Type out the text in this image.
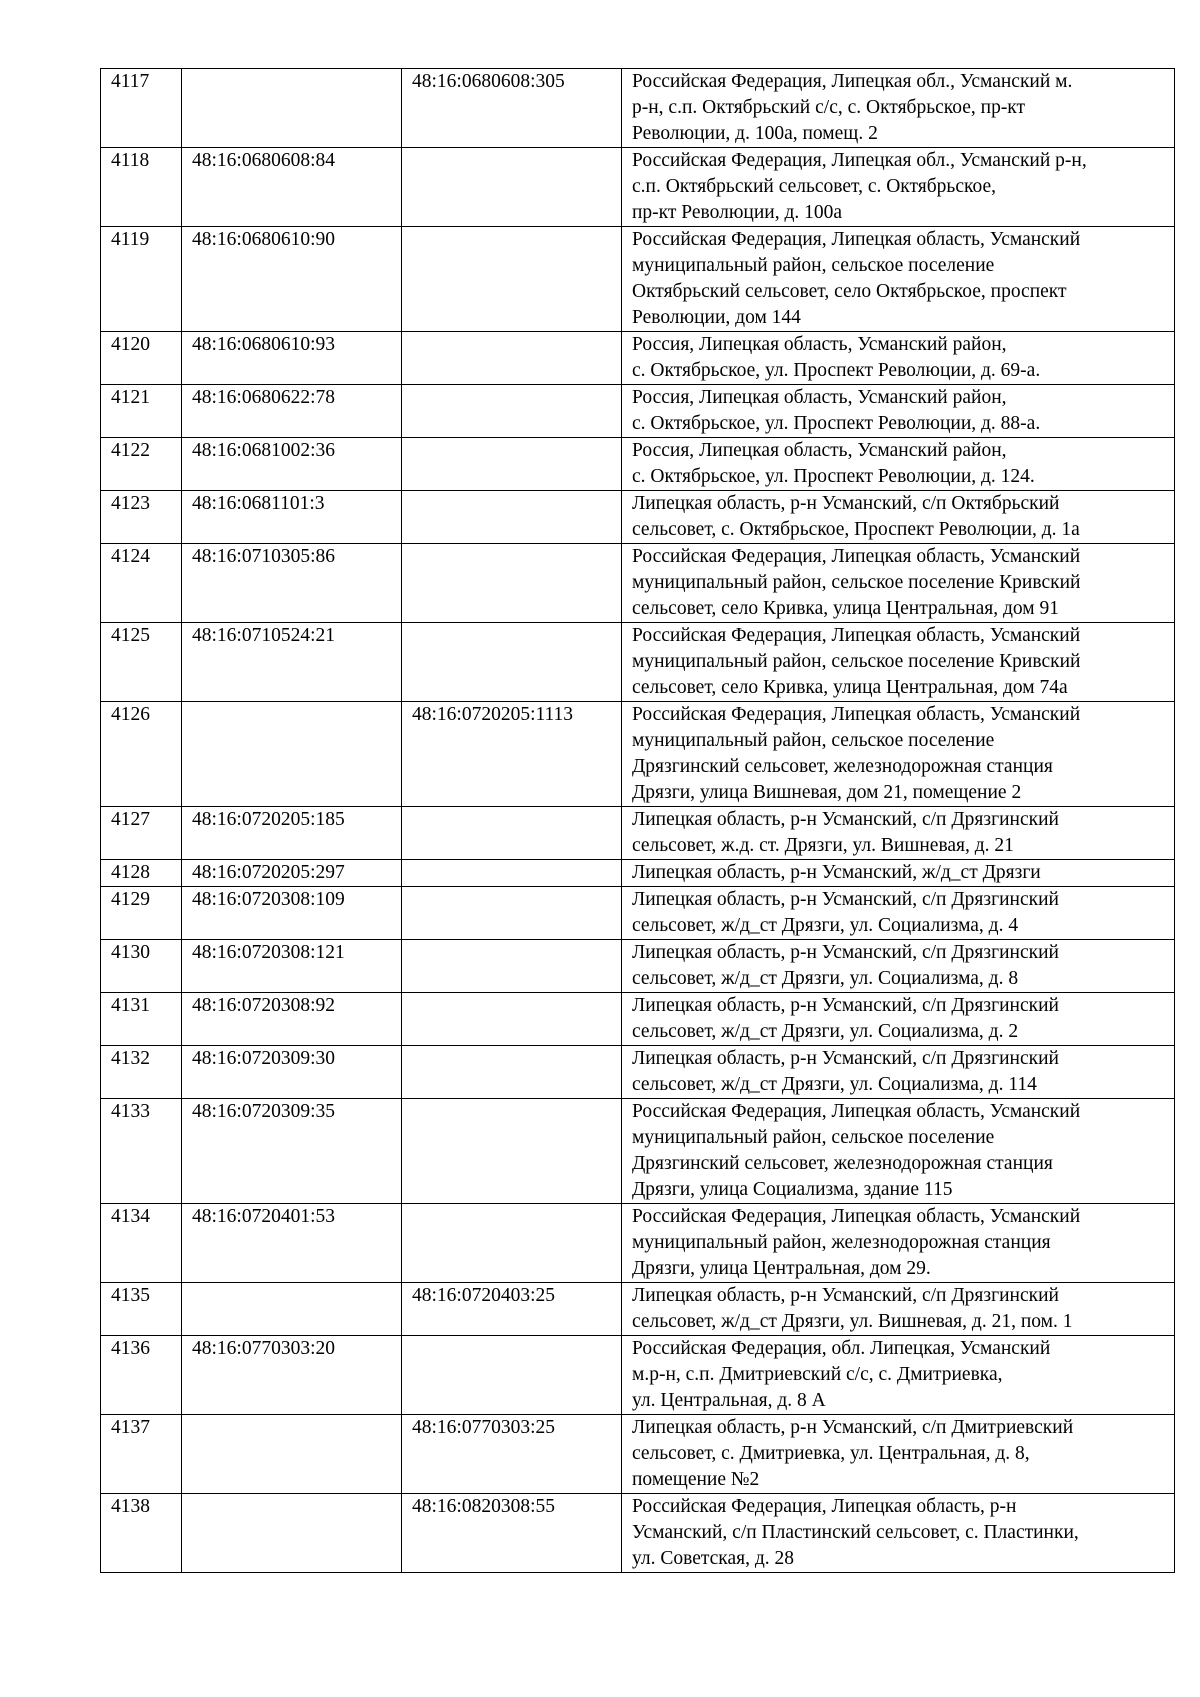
4117		48:16:0680608:305	Российская Федерация, Липецкая обл., Усманский м.
р-н, с.п. Октябрьский с/с, с. Октябрьское, пр-кт
Революции, д. 100а, помещ. 2
4118	48:16:0680608:84		Российская Федерация, Липецкая обл., Усманский р-н,
с.п. Октябрьский сельсовет, с. Октябрьское,
пр-кт Революции, д. 100а
4119	48:16:0680610:90		Российская Федерация, Липецкая область, Усманский
муниципальный район, сельское поселение
Октябрьский сельсовет, село Октябрьское, проспект
Революции, дом 144
4120	48:16:0680610:93		Россия, Липецкая область, Усманский район,
с. Октябрьское, ул. Проспект Революции, д. 69-а.
4121	48:16:0680622:78		Россия, Липецкая область, Усманский район,
с. Октябрьское, ул. Проспект Революции, д. 88-а.
4122	48:16:0681002:36		Россия, Липецкая область, Усманский район,
с. Октябрьское, ул. Проспект Революции, д. 124.
4123	48:16:0681101:3		Липецкая область, р-н Усманский, с/п Октябрьский
сельсовет, с. Октябрьское, Проспект Революции, д. 1а
4124	48:16:0710305:86		Российская Федерация, Липецкая область, Усманский
муниципальный район, сельское поселение Кривский
сельсовет, село Кривка, улица Центральная, дом 91
4125	48:16:0710524:21		Российская Федерация, Липецкая область, Усманский
муниципальный район, сельское поселение Кривский
сельсовет, село Кривка, улица Центральная, дом 74а
4126		48:16:0720205:1113	Российская Федерация, Липецкая область, Усманский
муниципальный район, сельское поселение
Дрязгинский сельсовет, железнодорожная станция
Дрязги, улица Вишневая, дом 21, помещение 2
4127	48:16:0720205:185		Липецкая область, р-н Усманский, с/п Дрязгинский
сельсовет, ж.д. ст. Дрязги, ул. Вишневая, д. 21
4128	48:16:0720205:297		Липецкая область, р-н Усманский, ж/д_ст Дрязги
4129	48:16:0720308:109		Липецкая область, р-н Усманский, с/п Дрязгинский
сельсовет, ж/д_ст Дрязги, ул. Социализма, д. 4
4130	48:16:0720308:121		Липецкая область, р-н Усманский, с/п Дрязгинский
сельсовет, ж/д_ст Дрязги, ул. Социализма, д. 8
4131	48:16:0720308:92		Липецкая область, р-н Усманский, с/п Дрязгинский
сельсовет, ж/д_ст Дрязги, ул. Социализма, д. 2
4132	48:16:0720309:30		Липецкая область, р-н Усманский, с/п Дрязгинский
сельсовет, ж/д_ст Дрязги, ул. Социализма, д. 114
4133	48:16:0720309:35		Российская Федерация, Липецкая область, Усманский
муниципальный район, сельское поселение
Дрязгинский сельсовет, железнодорожная станция
Дрязги, улица Социализма, здание 115
4134	48:16:0720401:53		Российская Федерация, Липецкая область, Усманский
муниципальный район, железнодорожная станция
Дрязги, улица Центральная, дом 29.
4135		48:16:0720403:25	Липецкая область, р-н Усманский, с/п Дрязгинский
сельсовет, ж/д_ст Дрязги, ул. Вишневая, д. 21, пом. 1
4136	48:16:0770303:20		Российская Федерация, обл. Липецкая, Усманский
м.р-н, с.п. Дмитриевский с/с, с. Дмитриевка,
ул. Центральная, д. 8 А
4137		48:16:0770303:25	Липецкая область, р-н Усманский, с/п Дмитриевский
сельсовет, с. Дмитриевка, ул. Центральная, д. 8,
помещение №2
4138		48:16:0820308:55	Российская Федерация, Липецкая область, р-н
Усманский, с/п Пластинский сельсовет, с. Пластинки,
ул. Советская, д. 28
